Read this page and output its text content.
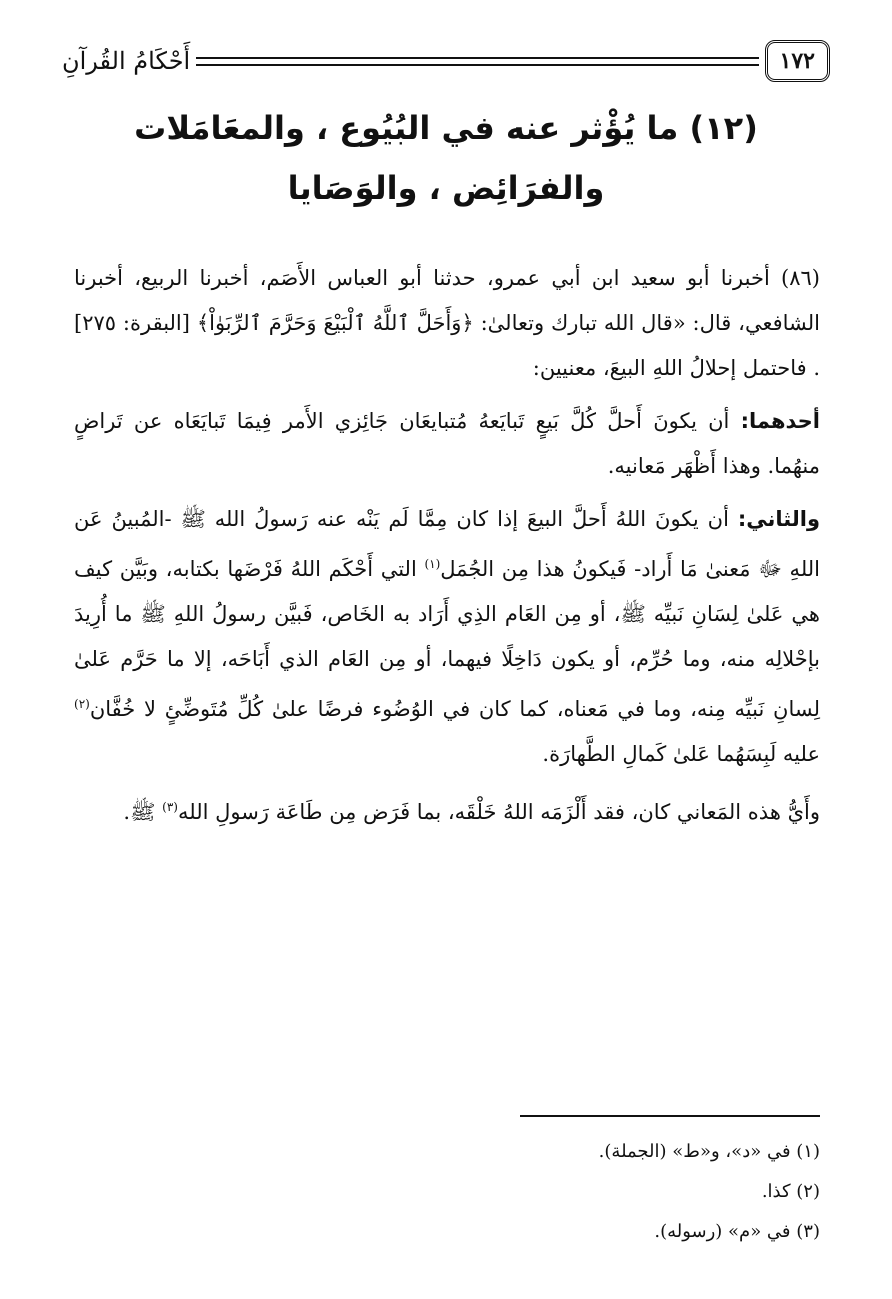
١٧٢
أَحْكَامُ القُرآنِ
(١٢) ما يُؤْثر عنه في البُيُوع ، والمعَامَلات والفرَائِض ، والوَصَايا

(٨٦) أخبرنا أبو سعيد ابن أبي عمرو، حدثنا أبو العباس الأَصَم، أخبرنا الربيع، أخبرنا الشافعي، قال: «قال الله تبارك وتعالىٰ: ﴿وَأَحَلَّ ٱللَّهُ ٱلْبَيْعَ وَحَرَّمَ ٱلرِّبَوٰاْ﴾ [البقرة: ٢٧٥] . فاحتمل إحلالُ اللهِ البيعَ، معنيين:

أحدهما: أن يكونَ أَحلَّ كُلَّ بَيعٍ تَبايَعهُ مُتبايعَان جَائِزي الأَمر فِيمَا تَبايَعَاه عن تَراضٍ منهُما. وهذا أَظْهَر مَعانيه.

والثاني: أن يكونَ اللهُ أَحلَّ البيعَ إذا كان مِمَّا لَم يَنْه عنه رَسولُ الله ﷺ -المُبينُ عَن اللهِ ﷻ مَعنىٰ مَا أَراد- فَيكونُ هذا مِن الجُمَل$^{(١)}$ التي أَحْكَم اللهُ فَرْضَها بكتابه، وبَيَّن كيف هي عَلىٰ لِسَانِ نَبيِّه ﷺ، أو مِن العَام الذِي أَرَاد به الخَاص، فَبيَّن رسولُ اللهِ ﷺ ما أُرِيدَ بإحْلالِه منه، وما حُرِّم، أو يكون دَاخِلًا فيهما، أو مِن العَام الذي أَبَاحَه، إلا ما حَرَّم عَلىٰ لِسانِ نَبيِّه مِنه، وما في مَعناه، كما كان في الوُضُوء فرضًا علىٰ كُلِّ مُتَوضِّئٍ لا خُفَّان$^{(٢)}$ عليه لَبِسَهُما عَلىٰ كَمالِ الطَّهارَة.

وأَيُّ هذه المَعاني كان، فقد أَلْزَمَه اللهُ خَلْقَه، بما فَرَض مِن طَاعَة رَسولِ الله$^{(٣)}$ ﷺ.

(١) في «د»، و«ط» (الجملة).

(٢) كذا.

(٣) في «م» (رسوله).
